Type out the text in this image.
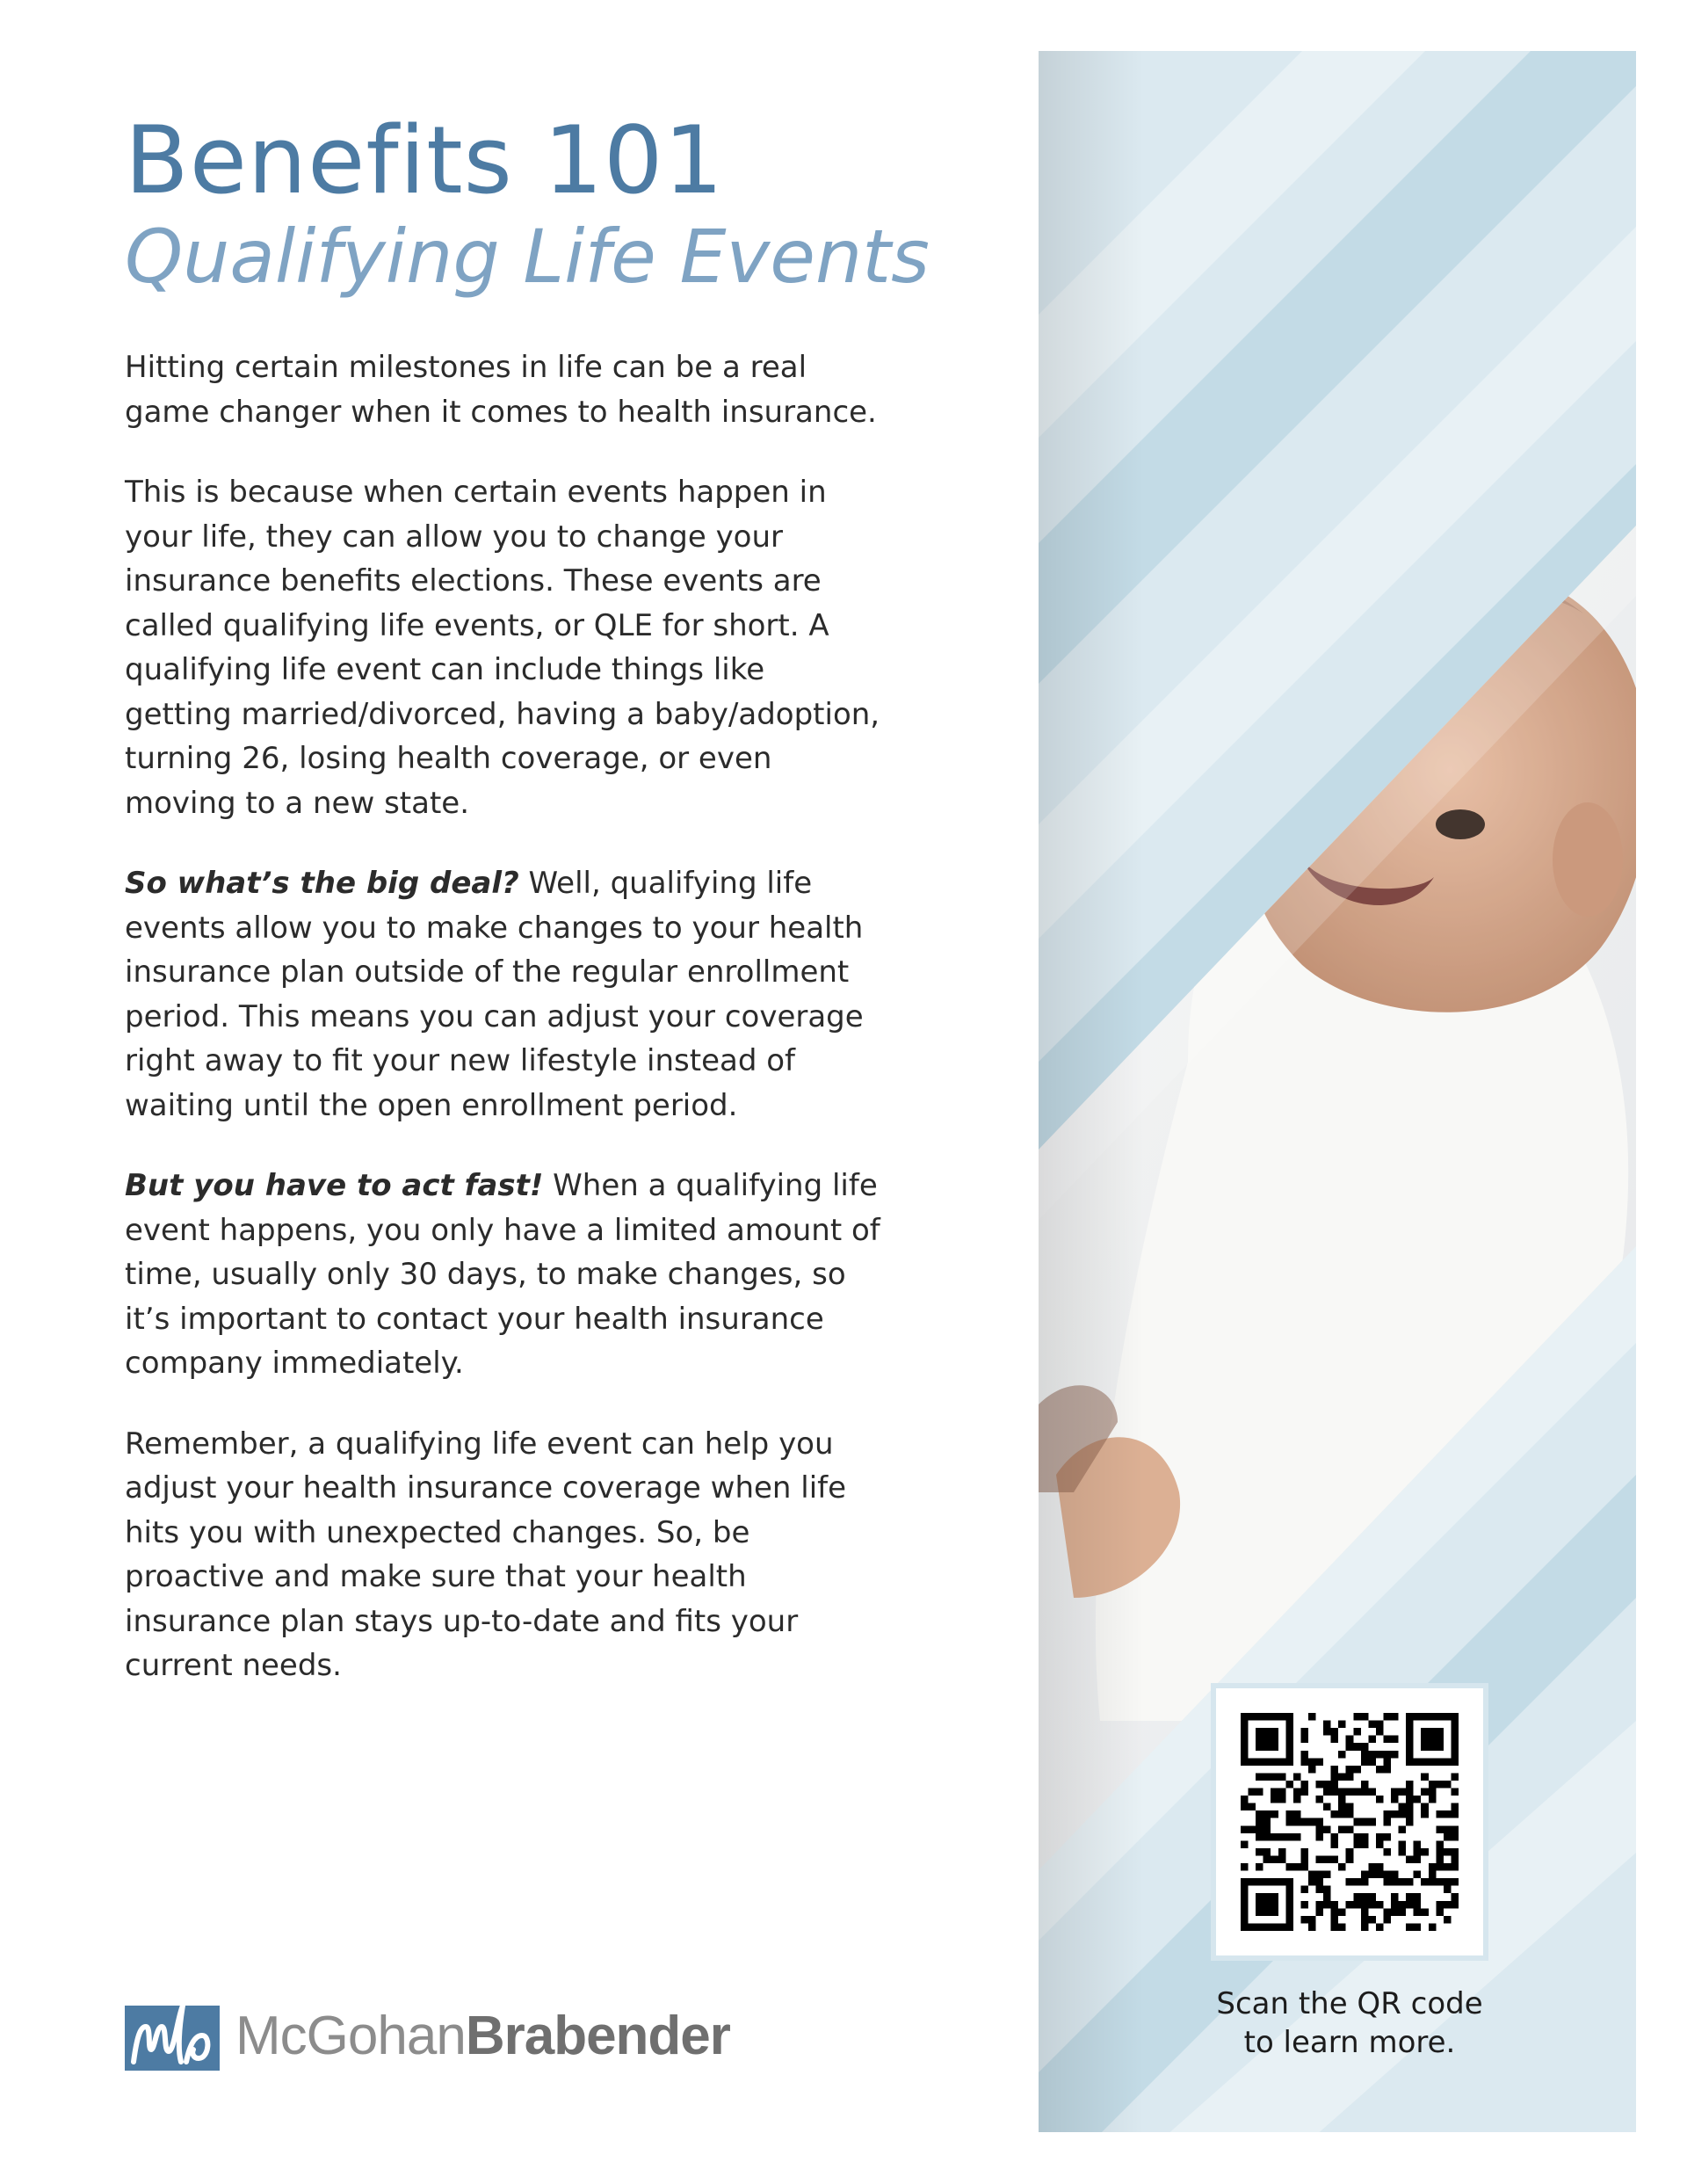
Benefits 101
Qualifying Life Events

Hitting certain milestones in life can be a real game changer when it comes to health insurance.

This is because when certain events happen in your life, they can allow you to change your insurance benefits elections. These events are called qualifying life events, or QLE for short. A qualifying life event can include things like getting married/divorced, having a baby/adoption, turning 26, losing health coverage, or even moving to a new state.

So what’s the big deal? Well, qualifying life events allow you to make changes to your health insurance plan outside of the regular enrollment period. This means you can adjust your coverage right away to fit your new lifestyle instead of waiting until the open enrollment period.

But you have to act fast! When a qualifying life event happens, you only have a limited amount of time, usually only 30 days, to make changes, so it’s important to contact your health insurance company immediately.

Remember, a qualifying life event can help you adjust your health insurance coverage when life hits you with unexpected changes. So, be proactive and make sure that your health insurance plan stays up-to-date and fits your current needs.

McGohanBrabender
Scan the QR code
to learn more.
